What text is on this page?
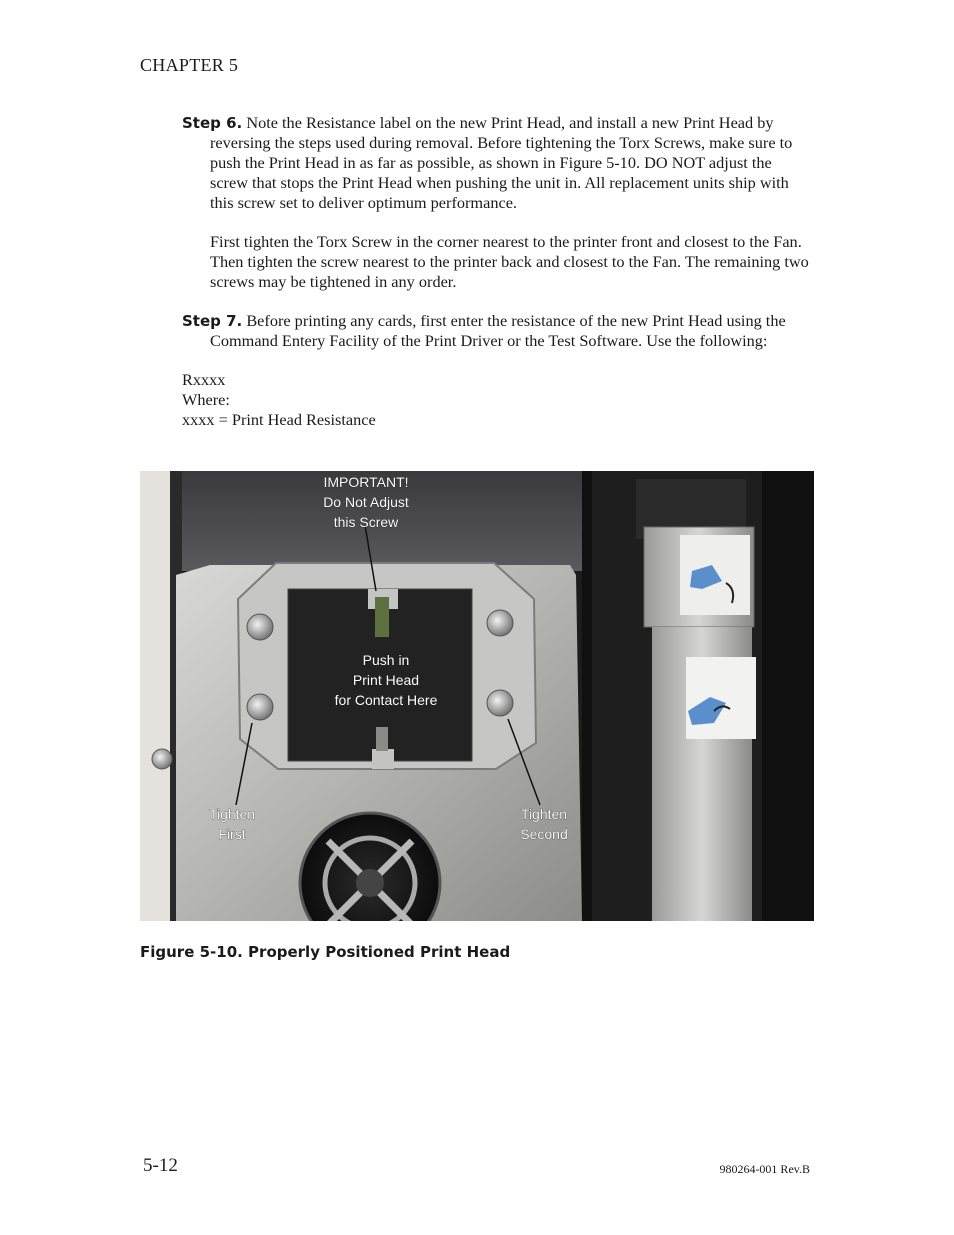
CHAPTER 5

Step 6. Note the Resistance label on the new Print Head, and install a new Print Head by reversing the steps used during removal. Before tightening the Torx Screws, make sure to push the Print Head in as far as possible, as shown in Figure 5-10. DO NOT adjust the screw that stops the Print Head when pushing the unit in. All replacement units ship with this screw set to deliver optimum performance.

First tighten the Torx Screw in the corner nearest to the printer front and closest to the Fan. Then tighten the screw nearest to the printer back and closest to the Fan. The remaining two screws may be tightened in any order.

Step 7. Before printing any cards, first enter the resistance of the new Print Head using the Command Entery Facility of the Print Driver or the Test Software. Use the following:

Rxxxx
Where:
xxxx = Print Head Resistance
IMPORTANT!
Do Not Adjust
this Screw
Push in
Print Head
for Contact Here
Tighten
First
Tighten
Second
Figure 5-10. Properly Positioned Print Head
5-12	980264-001 Rev.B
